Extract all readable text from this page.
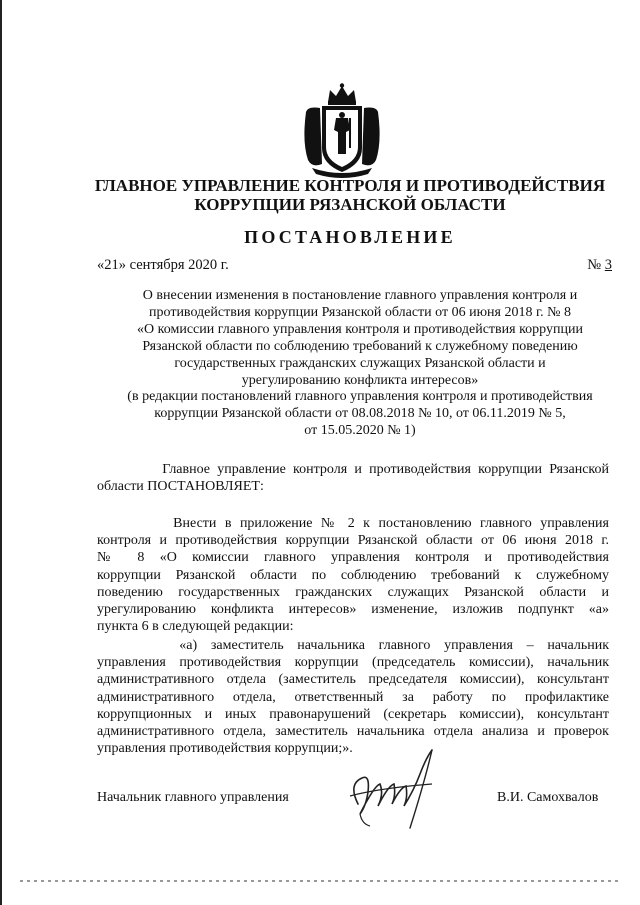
ГЛАВНОЕ УПРАВЛЕНИЕ КОНТРОЛЯ И ПРОТИВОДЕЙСТВИЯ
КОРРУПЦИИ РЯЗАНСКОЙ ОБЛАСТИ
ПОСТАНОВЛЕНИЕ
«21» сентября 2020 г.	№ 3
О внесении изменения в постановление главного управления контроля и
противодействия коррупции Рязанской области от 06 июня 2018 г. № 8
«О комиссии главного управления контроля и противодействия коррупции
Рязанской области по соблюдению требований к служебному поведению
государственных гражданских служащих Рязанской области и
урегулированию конфликта интересов»
(в редакции постановлений главного управления контроля и противодействия
коррупции Рязанской области от 08.08.2018 № 10, от 06.11.2019 № 5,
от 15.05.2020 № 1)
Главное управление контроля и противодействия коррупции Рязанской
области ПОСТАНОВЛЯЕТ:
Внести в приложение № 2 к постановлению главного управления
контроля и противодействия коррупции Рязанской области от 06 июня 2018 г.
№ 8 «О комиссии главного управления контроля и противодействия
коррупции Рязанской области по соблюдению требований к служебному
поведению государственных гражданских служащих Рязанской области и
урегулированию конфликта интересов» изменение, изложив подпункт «а»
пункта 6 в следующей редакции:
«а) заместитель начальника главного управления – начальник
управления противодействия коррупции (председатель комиссии), начальник
административного отдела (заместитель председателя комиссии), консультант
административного отдела, ответственный за работу по профилактике
коррупционных и иных правонарушений (секретарь комиссии), консультант
административного отдела, заместитель начальника отдела анализа и проверок
управления противодействия коррупции;».
Начальник главного управления	В.И. Самохвалов
